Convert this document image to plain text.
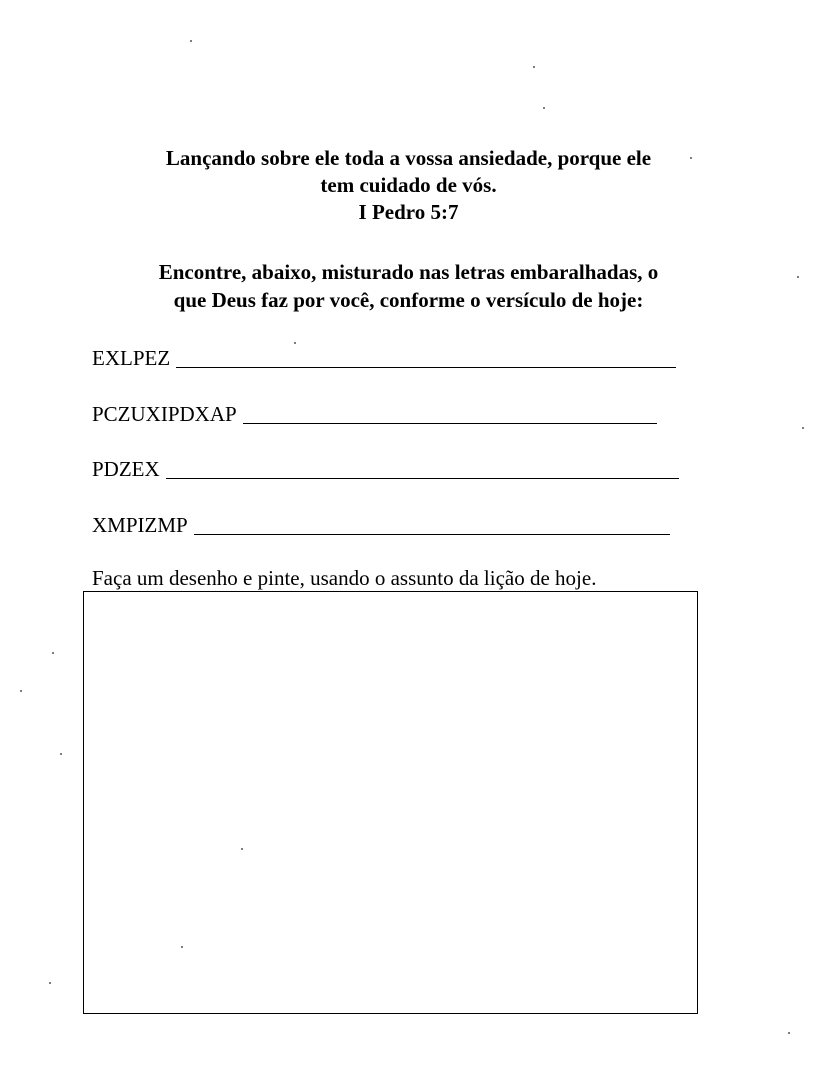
Lançando sobre ele toda a vossa ansiedade, porque ele
tem cuidado de vós.
I Pedro 5:7
Encontre, abaixo, misturado nas letras embaralhadas, o
que Deus faz por você, conforme o versículo de hoje:
EXLPEZ
PCZUXIPDXAP
PDZEX
XMPIZMP
Faça um desenho e pinte, usando o assunto da lição de hoje.
